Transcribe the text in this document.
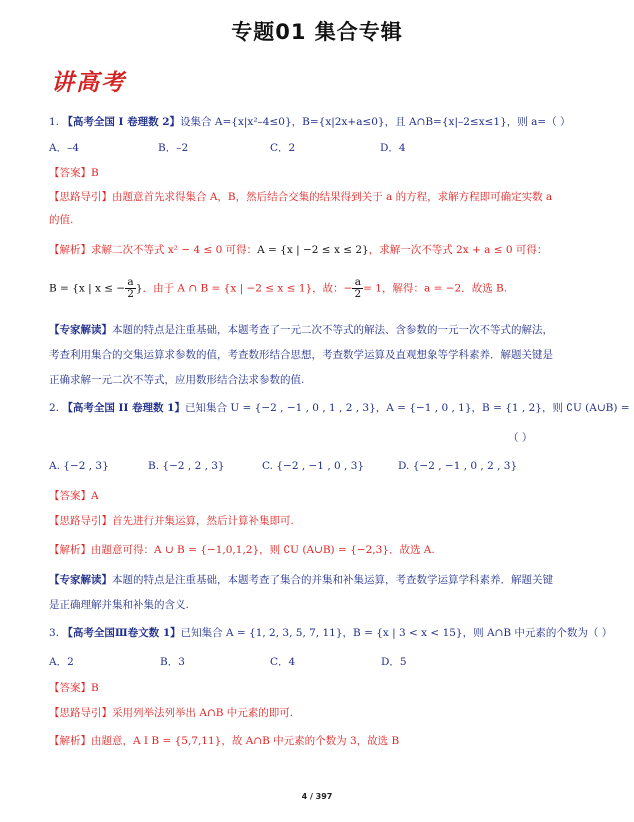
专题01 集合专辑
讲高考
1. 【高考全国 I 卷理数 2】设集合 A={x|x²–4≤0}，B={x|2x+a≤0}，且 A∩B={x|–2≤x≤1}，则 a=（ ）
A．–4	B．–2	C．2	D．4
【答案】B
【思路导引】由题意首先求得集合 A，B，然后结合交集的结果得到关于 a 的方程，求解方程即可确定实数 a
的值.
【解析】求解二次不等式 x² − 4 ≤ 0 可得：A = {x | −2 ≤ x ≤ 2}，求解一次不等式 2x + a ≤ 0 可得：
B = {x | x ≤ − $\frac{a}{2}$ }．由于 A ∩ B = {x | −2 ≤ x ≤ 1}，故：− $\frac{a}{2} = 1$，解得：a = −2．故选 B.
【专家解读】本题的特点是注重基础，本题考查了一元二次不等式的解法、含参数的一元一次不等式的解法，
考查利用集合的交集运算求参数的值，考查数形结合思想，考查数学运算及直观想象等学科素养．解题关键是
正确求解一元二次不等式，应用数形结合法求参数的值.
2. 【高考全国 II 卷理数 1】已知集合 U = {−2 , −1 , 0 , 1 , 2 , 3}，A = {−1 , 0 , 1}，B = {1 , 2}，则 ∁U (A∪B) =
（ ）
A. {−2 , 3}	B. {−2 , 2 , 3}	C. {−2 , −1 , 0 , 3}	D. {−2 , −1 , 0 , 2 , 3}
【答案】A
【思路导引】首先进行并集运算，然后计算补集即可.
【解析】由题意可得：A ∪ B = {−1,0,1,2}，则 ∁U (A∪B) = {−2,3}．故选 A.
【专家解读】本题的特点是注重基础，本题考查了集合的并集和补集运算，考查数学运算学科素养．解题关键
是正确理解并集和补集的含义.
3. 【高考全国Ⅲ卷文数 1】已知集合 A = {1, 2, 3, 5, 7, 11}，B = {x | 3 < x < 15}，则 A∩B 中元素的个数为（ ）
A．2	B．3	C．4	D．5
【答案】B
【思路导引】采用列举法列举出 A∩B 中元素的即可.
【解析】由题意，A I B = {5,7,11}，故 A∩B 中元素的个数为 3，故选 B
4 / 397
